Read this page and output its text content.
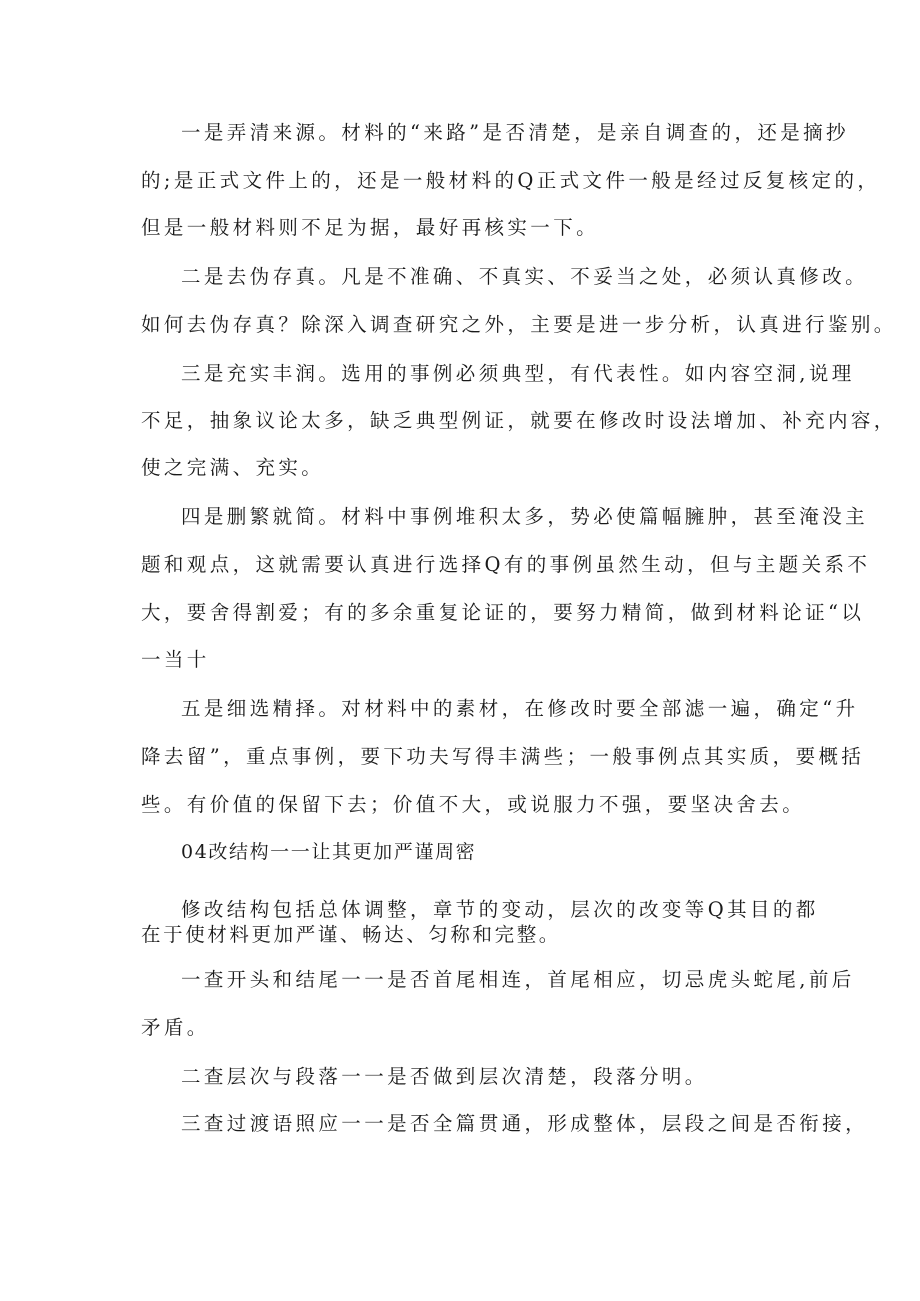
一是弄清来源。材料的“来路”是否清楚，是亲自调查的，还是摘抄

的;是正式文件上的，还是一般材料的Q正式文件一般是经过反复核定的，

但是一般材料则不足为据，最好再核实一下。

二是去伪存真。凡是不准确、不真实、不妥当之处，必须认真修改。

如何去伪存真？除深入调查研究之外，主要是进一步分析，认真进行鉴别。

三是充实丰润。选用的事例必须典型，有代表性。如内容空洞,说理

不足，抽象议论太多，缺乏典型例证，就要在修改时设法增加、补充内容，

使之完满、充实。

四是删繁就简。材料中事例堆积太多，势必使篇幅臃肿，甚至淹没主

题和观点，这就需要认真进行选择Q有的事例虽然生动，但与主题关系不

大，要舍得割爱；有的多余重复论证的，要努力精简，做到材料论证“以

一当十

五是细选精择。对材料中的素材，在修改时要全部滤一遍，确定“升

降去留”，重点事例，要下功夫写得丰满些；一般事例点其实质，要概括

些。有价值的保留下去；价值不大，或说服力不强，要坚决舍去。

04改结构一一让其更加严谨周密

修改结构包括总体调整，章节的变动，层次的改变等Q其目的都

在于使材料更加严谨、畅达、匀称和完整。

一查开头和结尾一一是否首尾相连，首尾相应，切忌虎头蛇尾,前后

矛盾。

二查层次与段落一一是否做到层次清楚，段落分明。

三查过渡语照应一一是否全篇贯通，形成整体，层段之间是否衔接，
